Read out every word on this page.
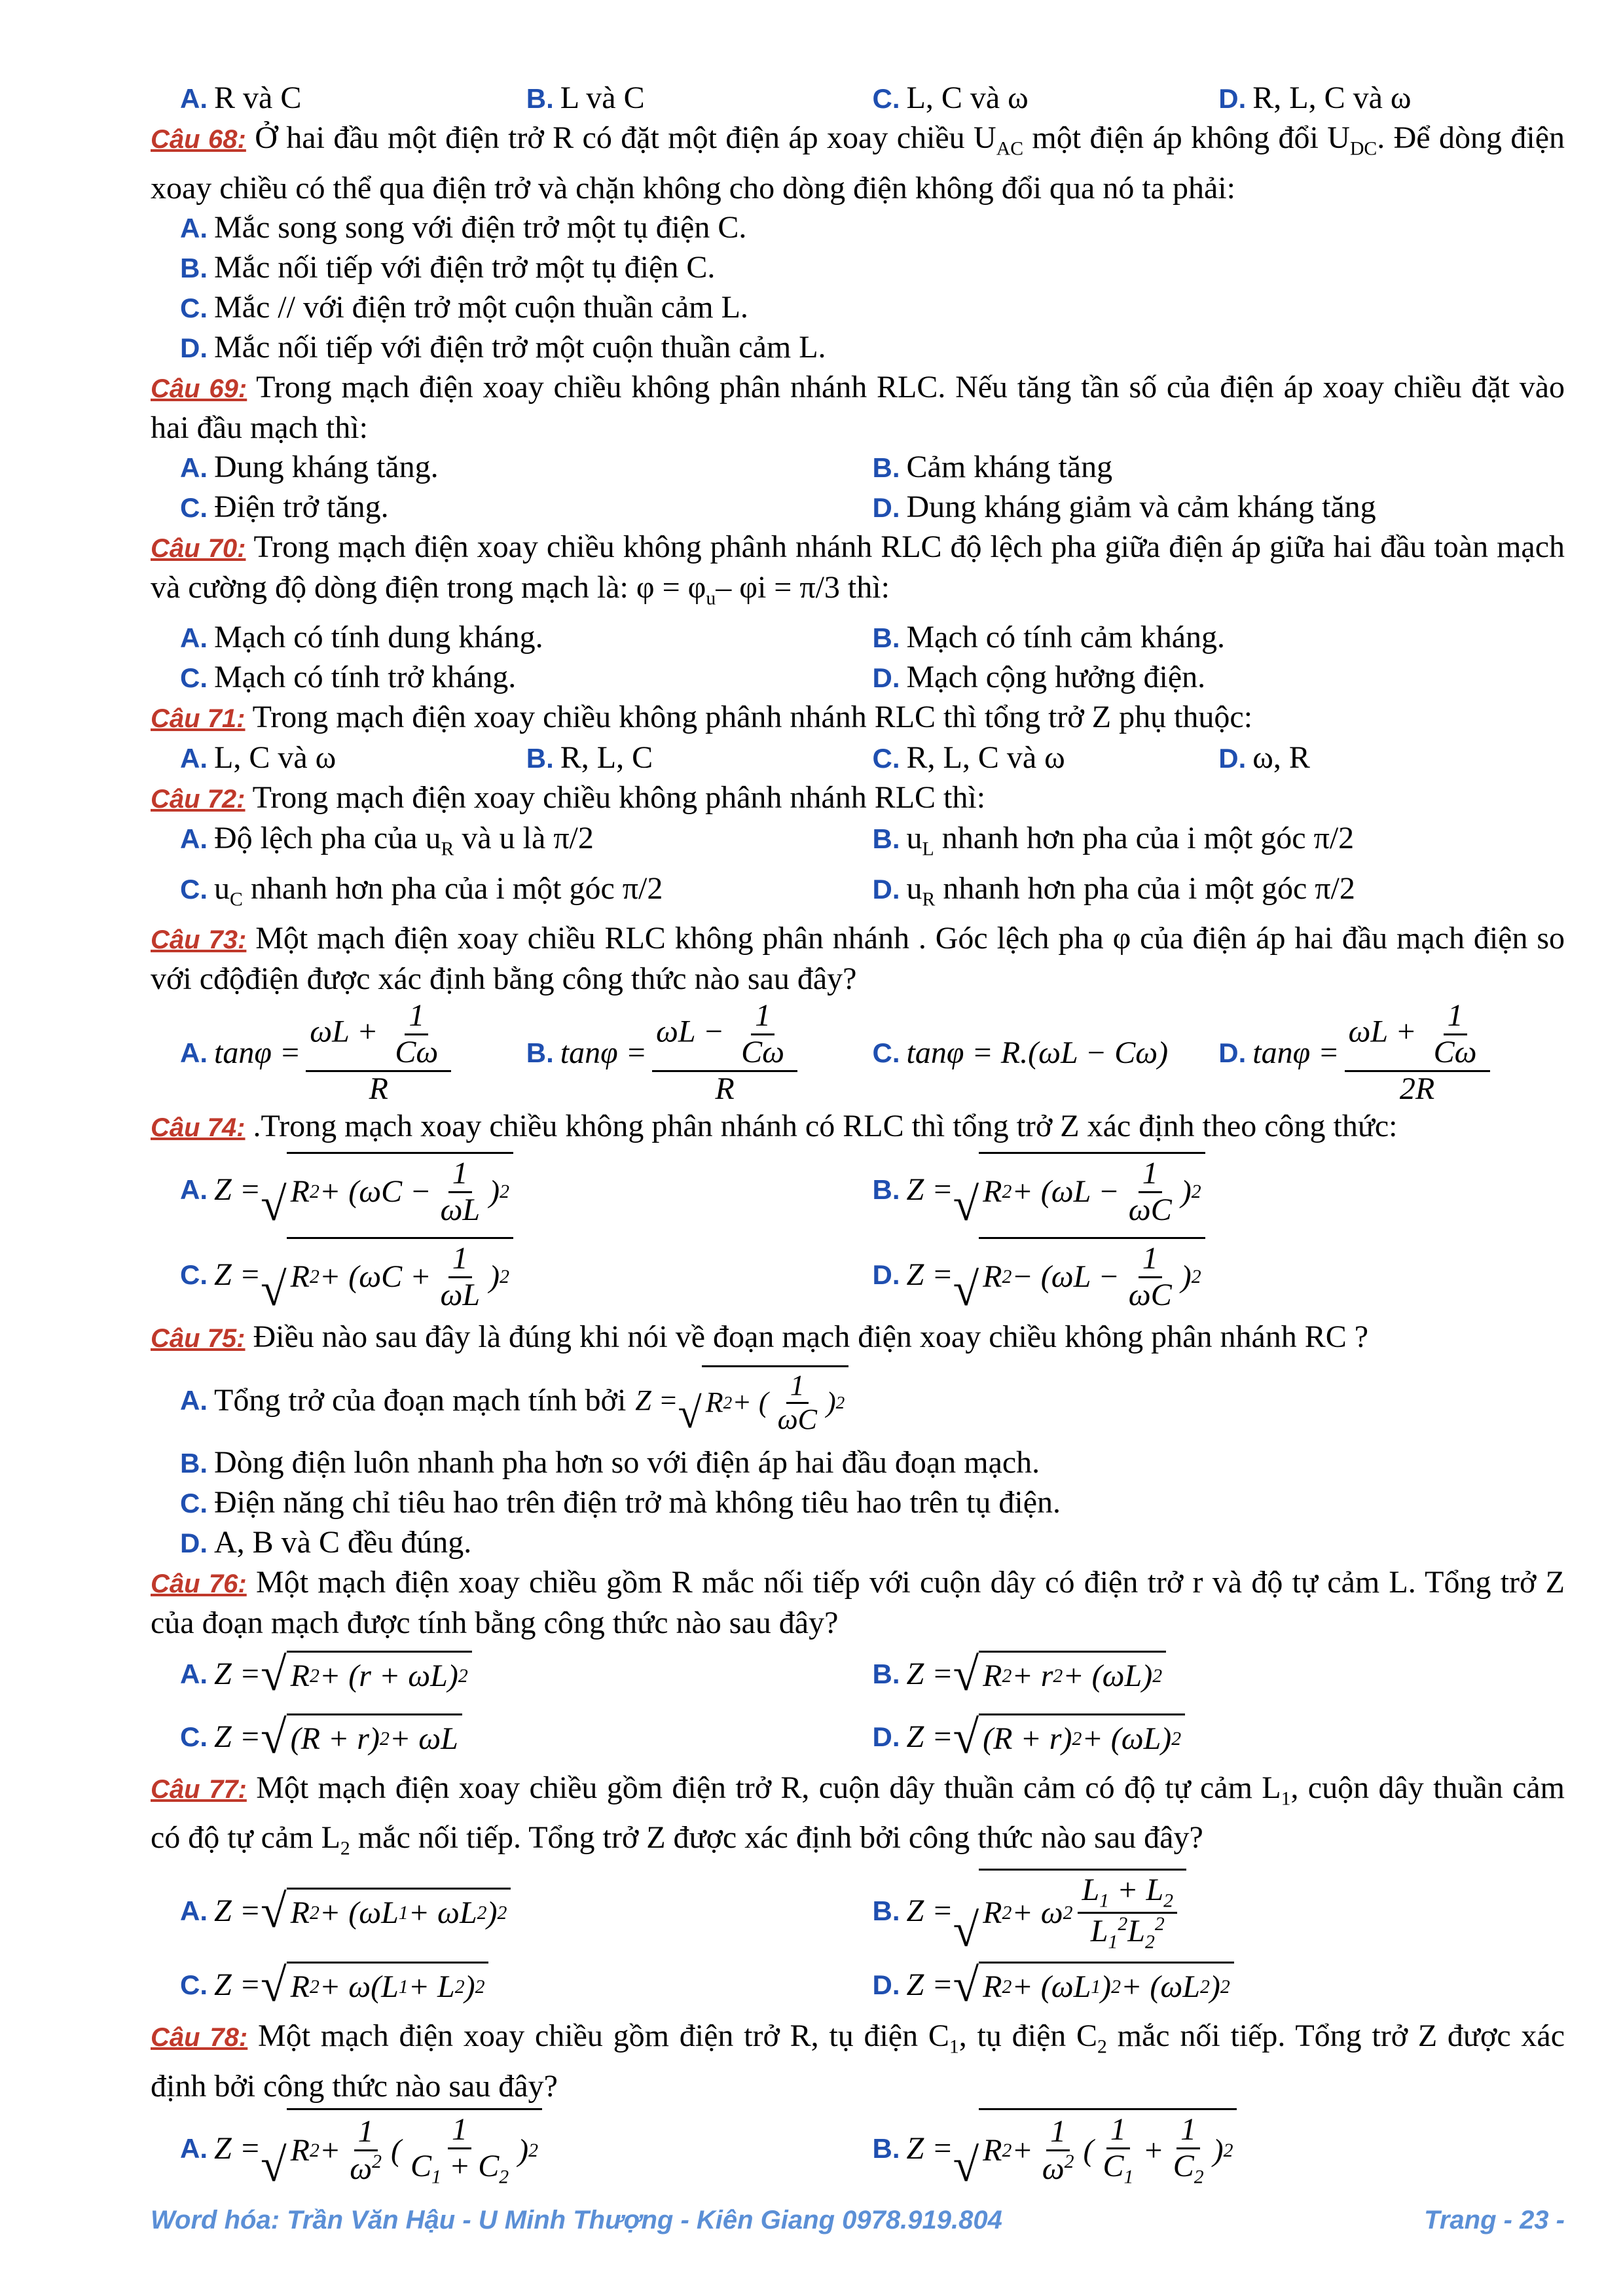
A. R và C	B. L và C	C. L, C và ω	D. R, L, C và ω
Câu 68: Ở hai đầu một điện trở R có đặt một điện áp xoay chiều $U_{AC}$ một điện áp không đổi $U_{DC}$. Để dòng điện xoay chiều có thể qua điện trở và chặn không cho dòng điện không đổi qua nó ta phải:
A. Mắc song song với điện trở một tụ điện C.
B. Mắc nối tiếp với điện trở một tụ điện C.
C. Mắc // với điện trở một cuộn thuần cảm L.
D. Mắc nối tiếp với điện trở một cuộn thuần cảm L.
Câu 69: Trong mạch điện xoay chiều không phân nhánh RLC. Nếu tăng tần số của điện áp xoay chiều đặt vào hai đầu mạch thì:
A. Dung kháng tăng.	B. Cảm kháng tăng
C. Điện trở tăng.	D. Dung kháng giảm và cảm kháng tăng
Câu 70: Trong mạch điện xoay chiều không phânh nhánh RLC độ lệch pha giữa điện áp giữa hai đầu toàn mạch và cường độ dòng điện trong mạch là: $\varphi = \varphi_u-$ φi = π/3 thì:
A. Mạch có tính dung kháng.	B. Mạch có tính cảm kháng.
C. Mạch có tính trở kháng.	D. Mạch cộng hưởng điện.
Câu 71: Trong mạch điện xoay chiều không phânh nhánh RLC thì tổng trở Z phụ thuộc:
A. L, C và ω	B. R, L, C	C. R, L, C và ω	D. ω, R
Câu 72: Trong mạch điện xoay chiều không phânh nhánh RLC thì:
A. Độ lệch pha của $u_R$ và u là π/2	B. $u_L$ nhanh hơn pha của i một góc π/2
C. $u_C$ nhanh hơn pha của i một góc π/2	D. $u_R$ nhanh hơn pha của i một góc π/2
Câu 73: Một mạch điện xoay chiều RLC không phân nhánh . Góc lệch pha φ của điện áp hai đầu mạch điện so với cđộđiện được xác định bằng công thức nào sau đây?
A. $\tan\varphi = \frac{\omega L + \frac{1}{C\omega}}{R}$	B. $\tan\varphi = \frac{\omega L - \frac{1}{C\omega}}{R}$	C. tanφ = R.(ωL − Cω) D. $\tan\varphi = \frac{\omega L + \frac{1}{C\omega}}{2R}$
Câu 74: .Trong mạch xoay chiều không phân nhánh có RLC thì tổng trở Z xác định theo công thức:
A. Z = √ R $2 + (\omega C - \frac{1}{\omega L}$ ) 2	B. Z = √ R $2 + (\omega L - \frac{1}{\omega C}$ ) 2
C. Z = √ R $2 + (\omega C + \frac{1}{\omega L}$ ) 2	D. Z = √ R $2 - (\omega L - \frac{1}{\omega C}$ ) 2
Câu 75: Điều nào sau đây là đúng khi nói về đoạn mạch điện xoay chiều không phân nhánh RC ?
A. Tổng trở của đoạn mạch tính bởi Z = √ R 2 + ( $\frac{1}{\omega C}$ ) 2
B. Dòng điện luôn nhanh pha hơn so với điện áp hai đầu đoạn mạch.
C. Điện năng chỉ tiêu hao trên điện trở mà không tiêu hao trên tụ điện.
D. A, B và C đều đúng.
Câu 76: Một mạch điện xoay chiều gồm R mắc nối tiếp với cuộn dây có điện trở r và độ tự cảm L. Tổng trở Z của đoạn mạch được tính bằng công thức nào sau đây?
A. Z = √ R 2 + (r + ωL) 2	B. Z = √ R 2 + r 2 + (ωL) 2
C. Z = √ (R + r) 2 + ωL	D. Z = √ (R + r) 2 + (ωL) 2
Câu 77: Một mạch điện xoay chiều gồm điện trở R, cuộn dây thuần cảm có độ tự cảm $L_1$, cuộn dây thuần cảm có độ tự cảm $L_2$ mắc nối tiếp. Tổng trở Z được xác định bởi công thức nào sau đây?
A. Z = √ R 2 + (ωL 1 + ωL 2 ) 2	B. Z = √ R 2 + ω $2 \frac{L_1 + L_2}{L_1^2L_2^2}$
C. Z = √ R 2 + ω(L 1 + L 2 ) 2	D. Z = √ R 2 + (ωL 1 ) 2 + (ωL 2 ) 2
Câu 78: Một mạch điện xoay chiều gồm điện trở R, tụ điện $C_1$, tụ điện $C_2$ mắc nối tiếp. Tổng trở Z được xác định bởi công thức nào sau đây?
A. Z = √ R $2 + \frac{1}{\omega^2}$ ( $\frac{1}{C_1 + C_2}$ ) 2	B. Z = √ R $2 + \frac{1}{\omega^2}$ ( $\frac{1}{C_1} + \frac{1}{C_2}$ ) 2
Word hóa: Trần Văn Hậu - U Minh Thượng - Kiên Giang 0978.919.804	Trang - 23 -
